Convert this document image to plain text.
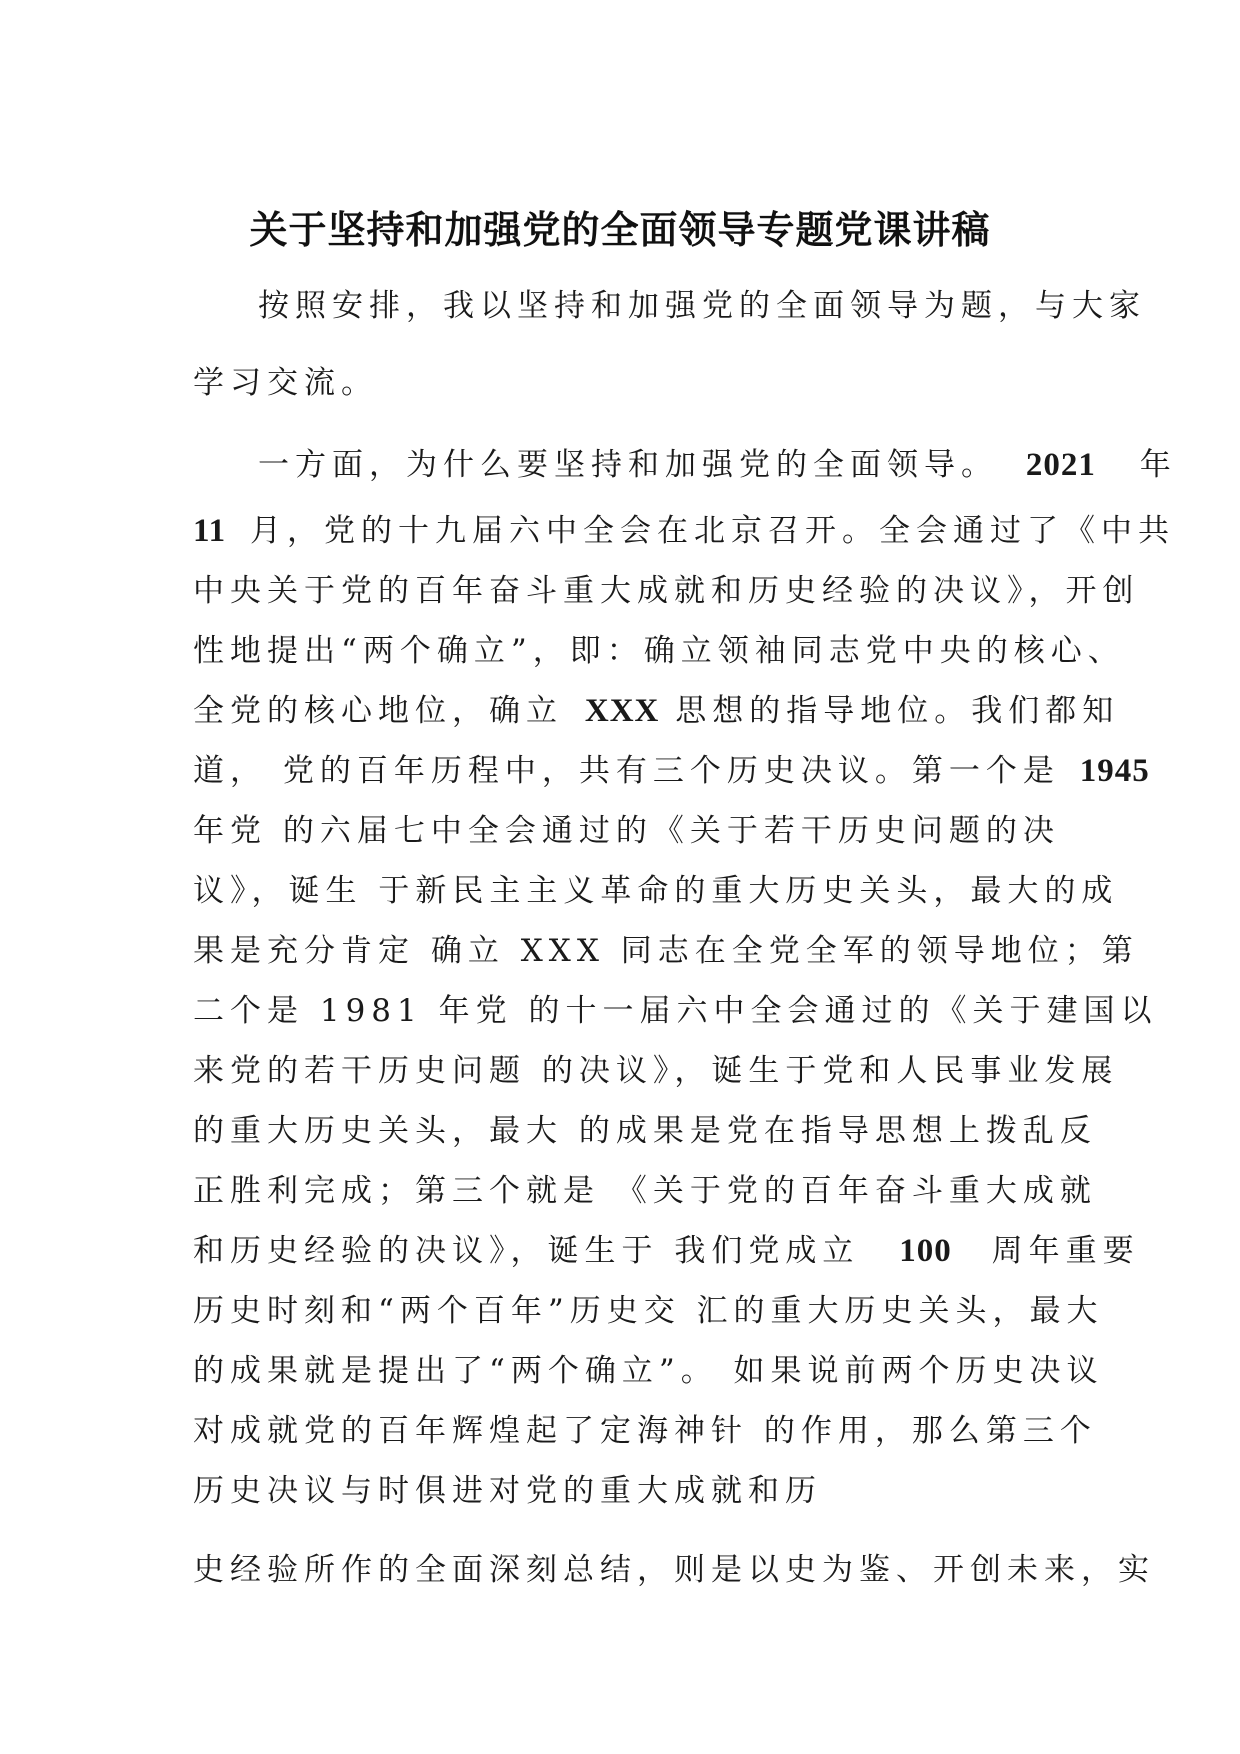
关于坚持和加强党的全面领导专题党课讲稿
按照安排，我以坚持和加强党的全面领导为题，与大家
学习交流。
一方面，为什么要坚持和加强党的全面领导。 2021 年
11 月，党的十九届六中全会在北京召开。全会通过了《中共
中央关于党的百年奋斗重大成就和历史经验的决议》，开创
性地提出“两个确立”，即：确立领袖同志党中央的核心、
全党的核心地位，确立 XXX 思想的指导地位。我们都知
道， 党的百年历程中，共有三个历史决议。第一个是 1945
年党 的六届七中全会通过的《关于若干历史问题的决
议》，诞生 于新民主主义革命的重大历史关头，最大的成
果是充分肯定 确立 XXX 同志在全党全军的领导地位；第
二个是 1981 年党 的十一届六中全会通过的《关于建国以
来党的若干历史问题 的决议》，诞生于党和人民事业发展
的重大历史关头，最大 的成果是党在指导思想上拨乱反
正胜利完成；第三个就是 《关于党的百年奋斗重大成就
和历史经验的决议》，诞生于 我们党成立 100 周年重要
历史时刻和“两个百年”历史交 汇的重大历史关头，最大
的成果就是提出了“两个确立”。 如果说前两个历史决议
对成就党的百年辉煌起了定海神针 的作用，那么第三个
历史决议与时俱进对党的重大成就和历
史经验所作的全面深刻总结，则是以史为鉴、开创未来，实
